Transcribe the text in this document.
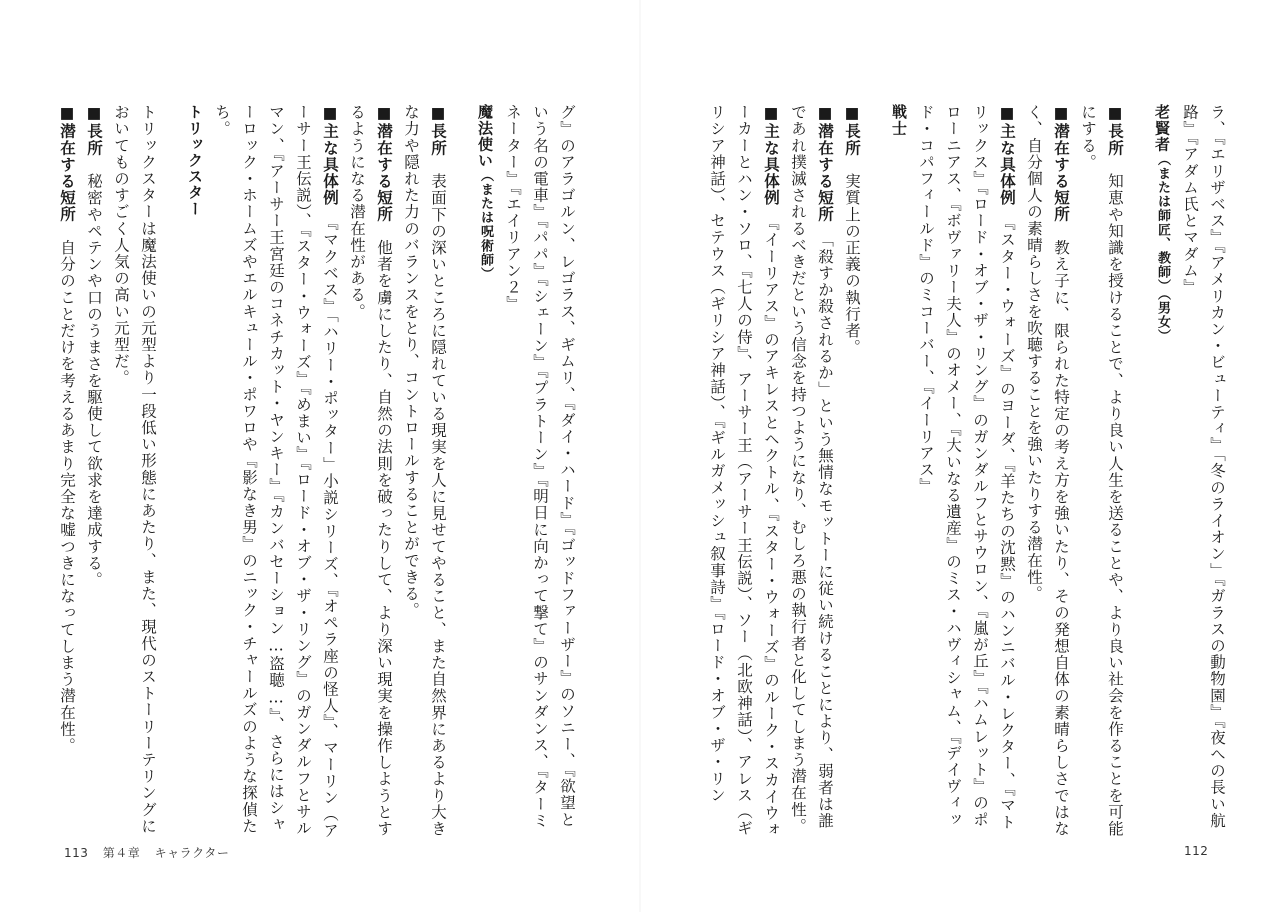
グ』のアラゴルン、レゴラス、ギムリ、『ダイ・ハード』『ゴッドファーザー』のソニー、『欲望という名の電車』『パパ』『シェーン』『プラトーン』『明日に向かって撃て』のサンダンス、『ターミネーター』『エイリアン２』

魔法使い（または呪術師）

■長所　表面下の深いところに隠れている現実を人に見せてやること、また自然界にあるより大きな力や隠れた力のバランスをとり、コントロールすることができる。

■潜在する短所　他者を虜にしたり、自然の法則を破ったりして、より深い現実を操作しようとするようになる潜在性がある。

■主な具体例　『マクベス』「ハリー・ポッター」小説シリーズ、『オペラ座の怪人』、マーリン（アーサー王伝説）、『スター・ウォーズ』『めまい』『ロード・オブ・ザ・リング』のガンダルフとサルマン、『アーサー王宮廷のコネチカット・ヤンキー』『カンバセーション…盗聴…』、さらにはシャーロック・ホームズやエルキュール・ポワロや『影なき男』のニック・チャールズのような探偵たち。

トリックスター

トリックスターは魔法使いの元型より一段低い形態にあたり、また、現代のストーリーテリングにおいてものすごく人気の高い元型だ。

■長所　秘密やペテンや口のうまさを駆使して欲求を達成する。

■潜在する短所　自分のことだけを考えるあまり完全な嘘つきになってしまう潜在性。

113 第４章 キャラクター

ラ、『エリザベス』『アメリカン・ビューティ』「冬のライオン」『ガラスの動物園』『夜への長い航路』『アダム氏とマダム』

老賢者（または師匠、教師）（男女）

■長所　知恵や知識を授けることで、より良い人生を送ることや、より良い社会を作ることを可能にする。

■潜在する短所　教え子に、限られた特定の考え方を強いたり、その発想自体の素晴らしさではなく、自分個人の素晴らしさを吹聴することを強いたりする潜在性。

■主な具体例　『スター・ウォーズ』のヨーダ、『羊たちの沈黙』のハンニバル・レクター、『マトリックス』『ロード・オブ・ザ・リング』のガンダルフとサウロン、『嵐が丘』『ハムレット』のポローニアス、『ボヴァリー夫人』のオメー、『大いなる遺産』のミス・ハヴィシャム、『デイヴィッド・コパフィールド』のミコーバー、『イーリアス』

戦士

■長所　実質上の正義の執行者。

■潜在する短所　「殺すか殺されるか」という無情なモットーに従い続けることにより、弱者は誰であれ撲滅されるべきだという信念を持つようになり、むしろ悪の執行者と化してしまう潜在性。

■主な具体例　『イーリアス』のアキレスとヘクトル、『スター・ウォーズ』のルーク・スカイウォーカーとハン・ソロ、『七人の侍』、アーサー王（アーサー王伝説）、ソー（北欧神話）、アレス（ギリシア神話）、セテウス（ギリシア神話）、『ギルガメッシュ叙事詩』『ロード・オブ・ザ・リン

112
